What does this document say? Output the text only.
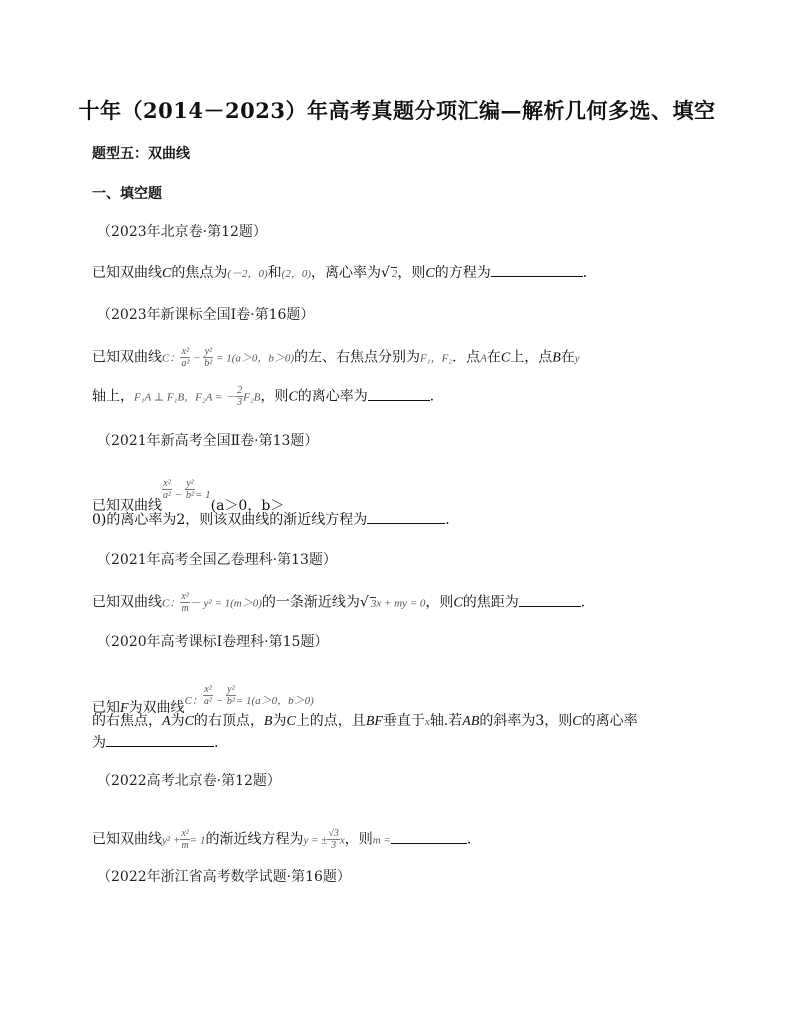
十年（2014－2023）年高考真题分项汇编—解析几何多选、填空
题型五：双曲线
一、填空题
（2023年北京卷·第12题）
已知双曲线C的焦点为(－2，0)和(2，0)，离心率为√ 2，则C的方程为	．
（2023年新课标全国Ⅰ卷·第16题）
已知双曲线C： $\frac{\text{x²}}{\text{a²}} - \frac{\text{y²}}{\text{b²}} = 1(a>0$，b＞0)的左、右焦点分别为F₁，F₂．点A在C上，点B在y
轴上，F₁A ⊥ F₁B，F₂A = － $\frac{2}{3} F_2B$，则C的离心率为	．
（2021年新高考全国Ⅱ卷·第13题）
已知双曲线
$\frac{\text{x²}}{\text{a²}} ^- \frac{\text{y²}}{\text{b²}} ^{= 1}(a>0$，b＞
0)的离心率为2，则该双曲线的渐近线方程为	．
（2021年高考全国乙卷理科·第13题）
已知双曲线C： $\frac{\text{x²}}{m} - y^2 = 1(m>0)$的一条渐近线为√ 3x + my = 0，则C的焦距为	．
（2020年高考课标Ⅰ卷理科·第15题）
已知F为双曲线$^{C:} \frac{\text{x²}}{\text{a²}} ^- \frac{\text{y²}}{\text{b²}} ^{= 1(a>0,b>0)}$
的右焦点，A为C的右顶点，B为C上的点，且BF垂直于x轴.若AB的斜率为3，则C的离心率
为	.
（2022高考北京卷·第12题）
已知双曲线$y^2 + \frac{\text{x²}}{m} = 1$的渐近线方程为y = ± $\frac{√3}{3}$ x，则m =	．
（2022年浙江省高考数学试题·第16题）
